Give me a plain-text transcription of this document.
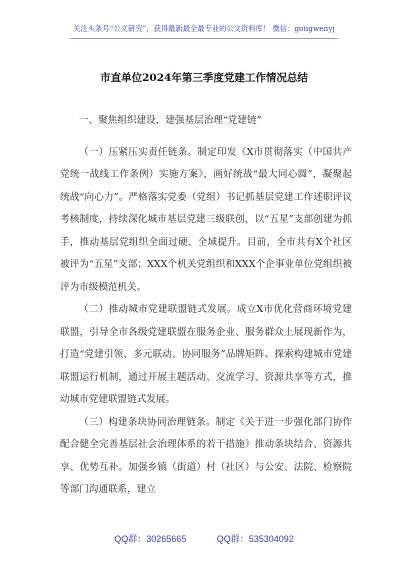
关注头条号“公文研究”，获得最新最全最专业的公文资料库！ 微信：gongwenyj
市直单位2024年第三季度党建工作情况总结

一、聚焦组织建设，建强基层治理“党建链”

（一）压紧压实责任链条。制定印发《X市贯彻落实（中国共产党统一战线工作条例）实施方案》，画好统战“最大同心圆”，凝聚起统战“向心力”。严格落实党委（党组）书记抓基层党建工作述职评议考核制度，持续深化城市基层党建三级联创，以“五星”支部创建为抓手，推动基层党组织全面过硬、全域提升。目前，全市共有X个社区被评为“五星”支部；XXX个机关党组织和XXX个企事业单位党组织被评为市级模范机关。

（二）推动城市党建联盟链式发展。成立X市优化营商环境党建联盟，引导全市各级党建联盟在服务企业、服务群众上展现新作为，打造“党建引领、多元联动、协同服务”品牌矩阵。探索构建城市党建联盟运行机制，通过开展主题活动、交流学习、资源共享等方式，推动城市党建联盟链式发展。

（三）构建条块协同治理链条。制定《关于进一步强化部门协作配合健全完善基层社会治理体系的若干措施》推动条块结合、资源共享、优势互补。加强乡镇（街道）村（社区）与公安、法院、检察院等部门沟通联系，建立

QQ群：30265665	QQ群：535304092
